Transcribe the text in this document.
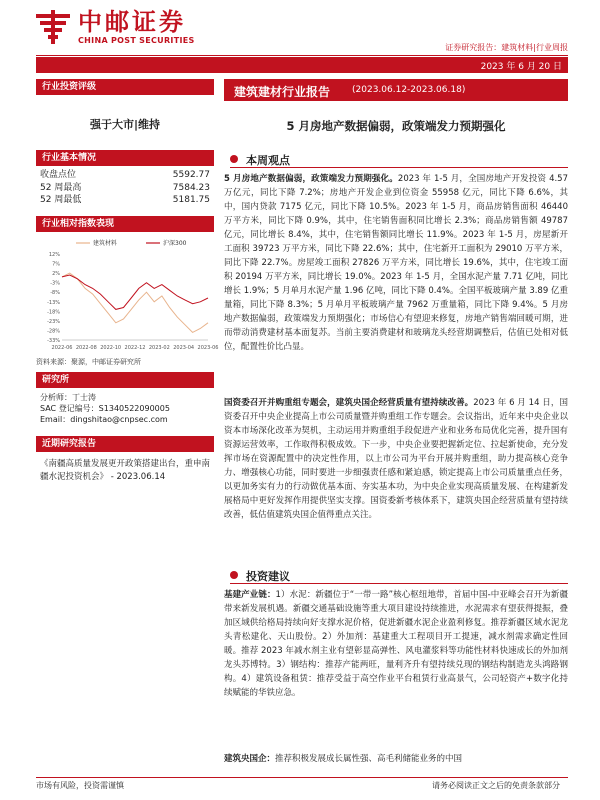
中邮证券
CHINA POST SECURITIES
证券研究报告：建筑材料|行业周报
2023 年 6 月 20 日
行业投资评级
强于大市|维持
行业基本情况
收盘点位	5592.77
52 周最高	7584.23
52 周最低	5181.75
行业相对指数表现
12%
7%
2%
-3%
-8%
-13%
-18%
-23%
-28%
-33%
2022-06 2022-08 2022-10 2022-12 2023-02 2023-04 2023-06
建筑材料	沪深300
资料来源：聚源，中邮证券研究所
研究所
分析师：丁士涛
SAC 登记编号：S1340522090005
Email：dingshitao@cnpsec.com
近期研究报告
《南疆高质量发展更开政策搭建出台，重申南疆水泥投资机会》 - 2023.06.14
建筑建材行业报告 (2023.06.12-2023.06.18)
5 月房地产数据偏弱，政策端发力预期强化
本周观点
5 月房地产数据偏弱，政策端发力预期强化。2023 年 1-5 月，全国房地产开发投资 4.57 万亿元，同比下降 7.2%；房地产开发企业到位资金 55958 亿元，同比下降 6.6%，其中，国内贷款 7175 亿元，同比下降 10.5%。2023 年 1-5 月，商品房销售面积 46440 万平方米，同比下降 0.9%，其中，住宅销售面积同比增长 2.3%；商品房销售额 49787 亿元，同比增长 8.4%，其中，住宅销售额同比增长 11.9%。2023 年 1-5 月，房屋新开工面积 39723 万平方米，同比下降 22.6%；其中，住宅新开工面积为 29010 万平方米，同比下降 22.7%。房屋竣工面积 27826 万平方米，同比增长 19.6%，其中，住宅竣工面积 20194 万平方米，同比增长 19.0%。2023 年 1-5 月，全国水泥产量 7.71 亿吨，同比增长 1.9%；5 月单月水泥产量 1.96 亿吨，同比下降 0.4%。全国平板玻璃产量 3.89 亿重量箱，同比下降 8.3%；5 月单月平板玻璃产量 7962 万重量箱，同比下降 9.4%。5 月房地产数据偏弱，政策端发力预期强化；市场信心有望迎来修复，房地产销售端回暖可期，进而带动消费建材基本面复苏。当前主要消费建材和玻璃龙头经营期调整后，估值已处相对低位，配置性价比凸显。
国资委召开并购重组专题会，建筑央国企经营质量有望持续改善。2023 年 6 月 14 日，国资委召开中央企业提高上市公司质量暨并购重组工作专题会。会议指出，近年来中央企业以资本市场深化改革为契机，主动运用并购重组手段促进产业和业务布局优化完善，提升国有资源运营效率，工作取得积极成效。下一步，中央企业要把握新定位、拉起新使命，充分发挥市场在资源配置中的决定性作用，以上市公司为平台开展并购重组，助力提高核心竞争力、增强核心功能，同时要进一步细强责任感和紧迫感，锁定提高上市公司质量重点任务，以更加务实有力的行动做优基本面、夯实基本功，为中央企业实现高质量发展、在构建新发展格局中更好发挥作用提供坚实支撑。国资委新考核体系下，建筑央国企经营质量有望持续改善，低估值建筑央国企值得重点关注。
投资建议
基建产业链：1）水泥：新疆位于“一带一路”核心枢纽地带，首届中国-中亚峰会召开为新疆带来新发展机遇。新疆交通基础设施等重大项目建设持续推进，水泥需求有望获得提振，叠加区域供给格局持续向好支撑水泥价格，促进新疆水泥企业盈利修复。推荐新疆区域水泥龙头青松建化、天山股份。2）外加剂：基建重大工程项目开工提速，减水剂需求确定性回暖。推荐 2023 年减水剂主业有望彰显高弹性、风电灌浆料等功能性材料快速成长的外加剂龙头苏博特。3）钢结构：推荐产能两旺，量利齐升有望持续兑现的钢结构制造龙头鸿路钢构。4）建筑设备租赁：推荐受益于高空作业平台租赁行业高景气，公司轻资产+数字化持续赋能的华铁应急。
建筑央国企：推荐积极发展成长属性强、高毛利储能业务的中国
市场有风险，投资需谨慎	请务必阅读正文之后的免责条款部分
